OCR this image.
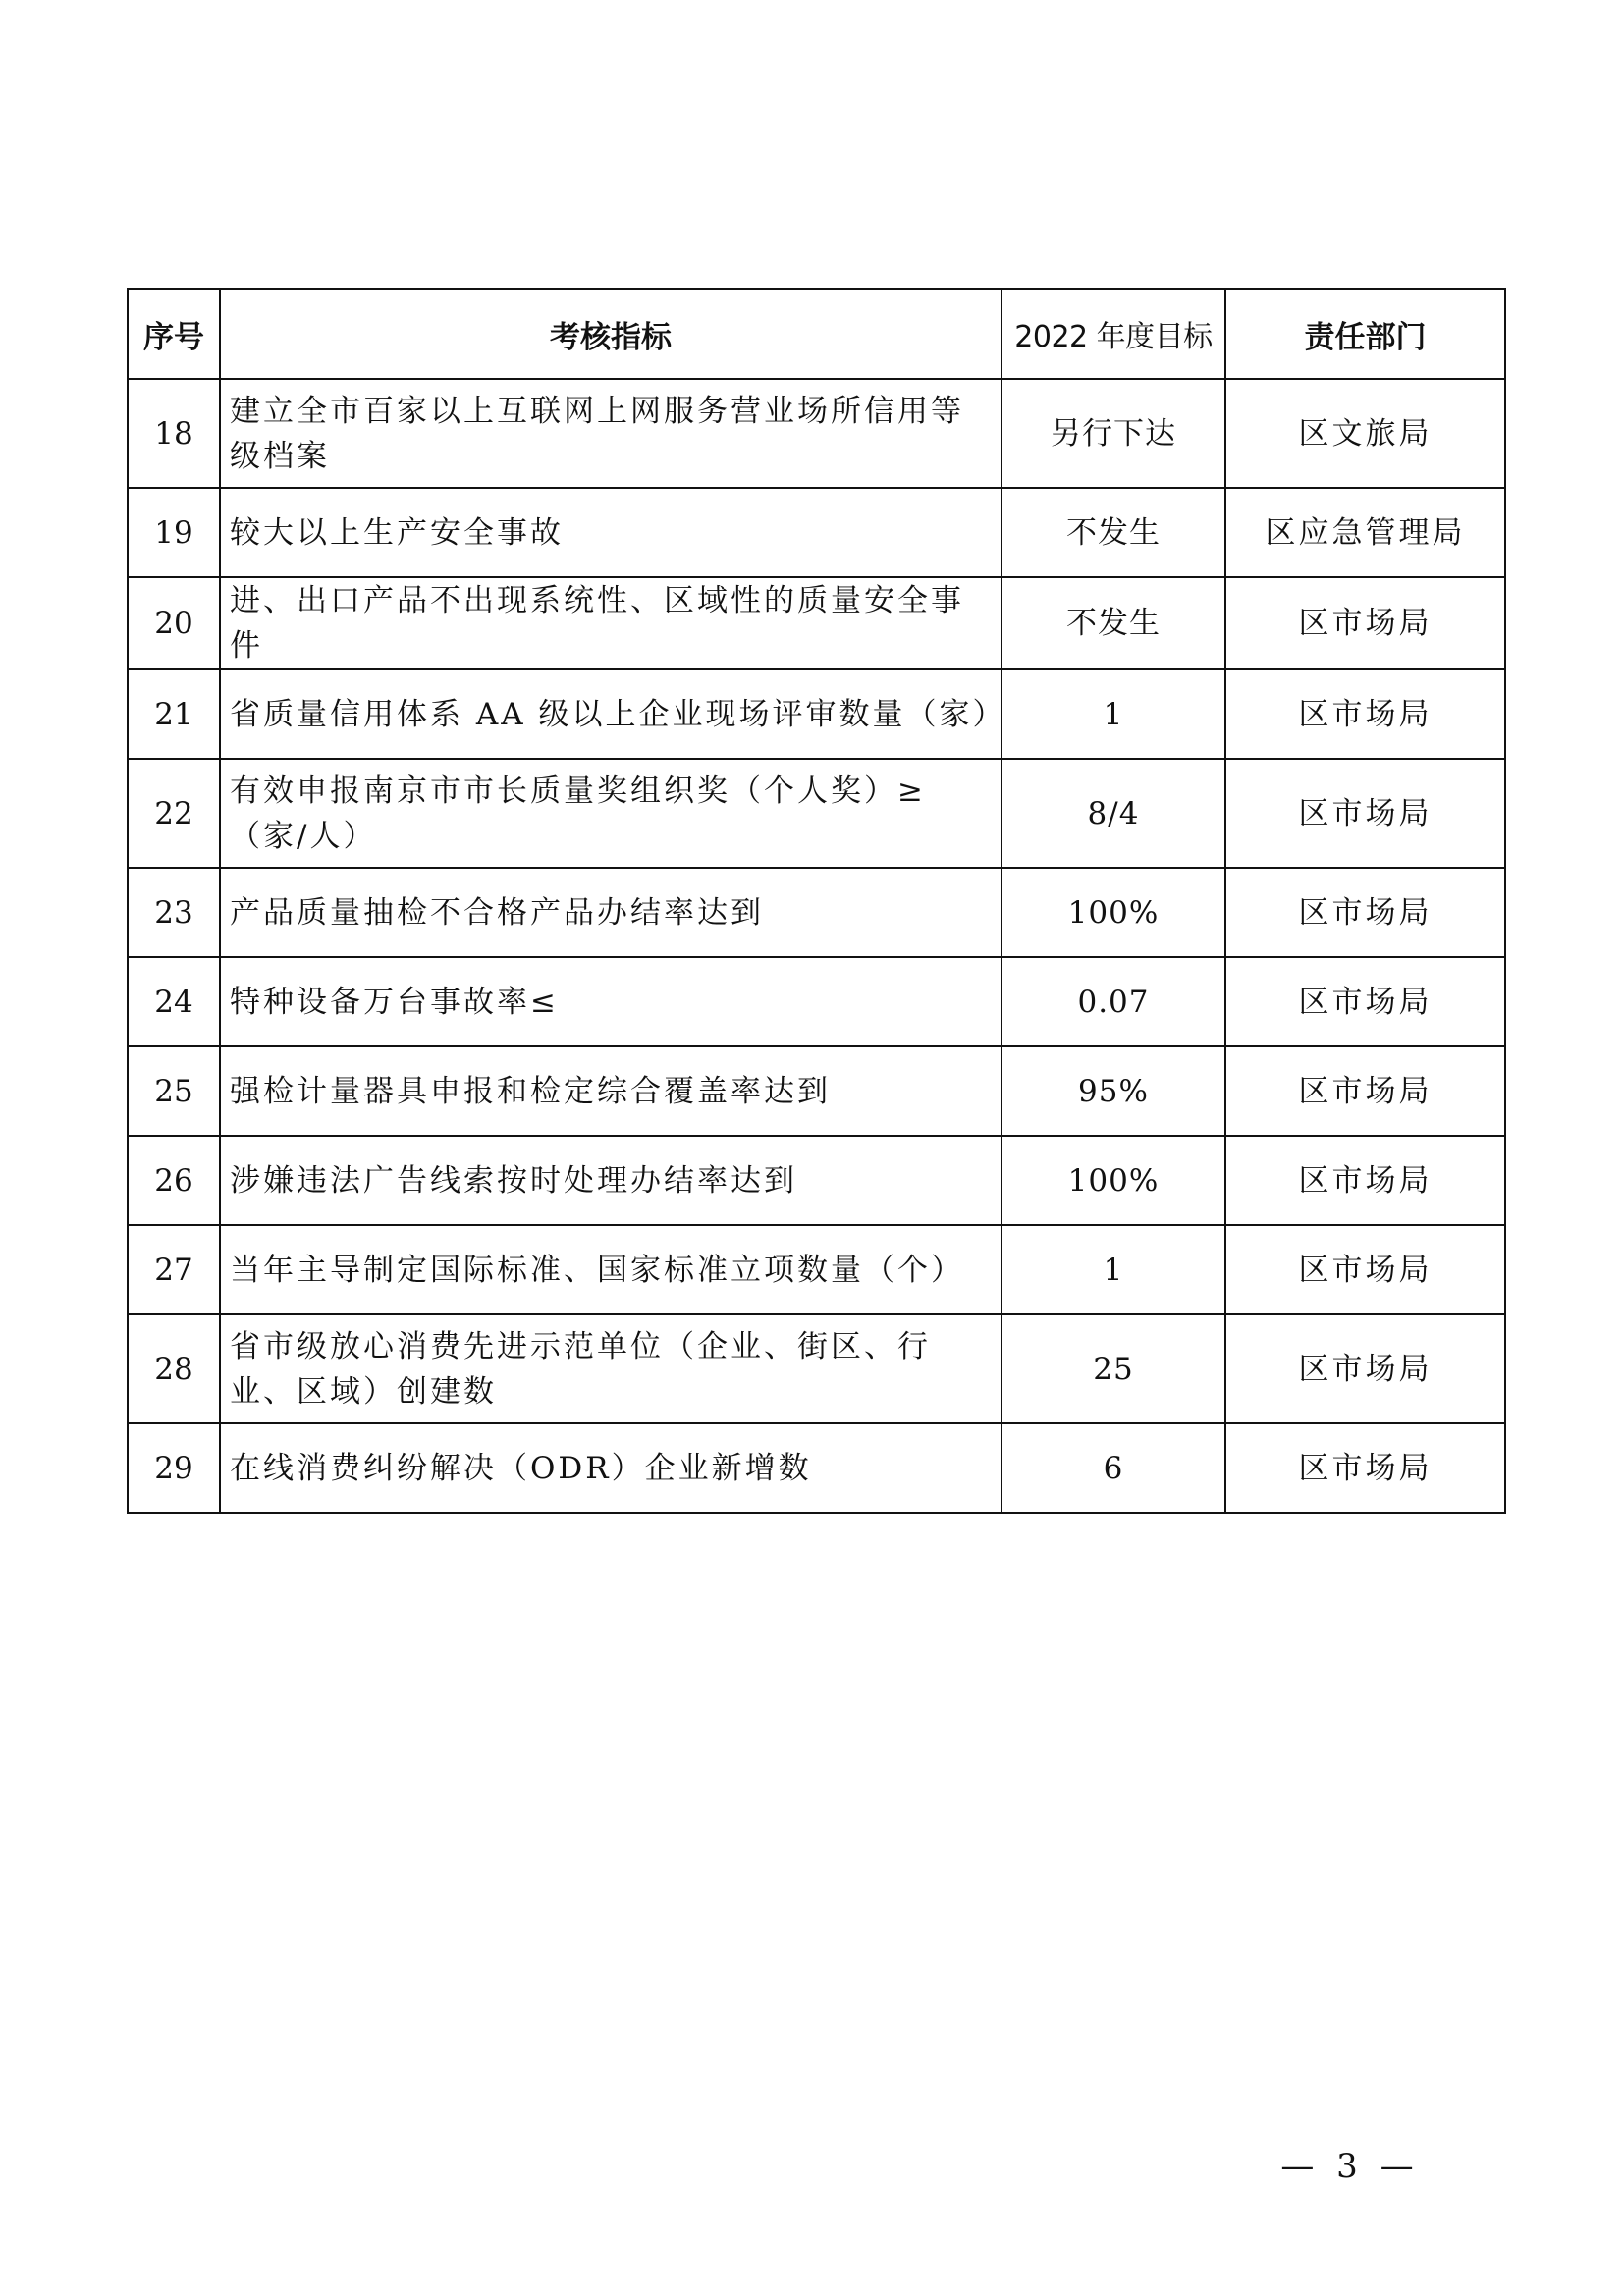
序号	考核指标	2022 年度目标	责任部门
18	建立全市百家以上互联网上网服务营业场所信用等级档案	另行下达	区文旅局
19	较大以上生产安全事故	不发生	区应急管理局
20	进、出口产品不出现系统性、区域性的质量安全事件	不发生	区市场局
21	省质量信用体系 AA 级以上企业现场评审数量（家）	1	区市场局
22	有效申报南京市市长质量奖组织奖（个人奖）≥（家/人）	8/4	区市场局
23	产品质量抽检不合格产品办结率达到	100%	区市场局
24	特种设备万台事故率≤	0.07	区市场局
25	强检计量器具申报和检定综合覆盖率达到	95%	区市场局
26	涉嫌违法广告线索按时处理办结率达到	100%	区市场局
27	当年主导制定国际标准、国家标准立项数量（个）	1	区市场局
28	省市级放心消费先进示范单位（企业、街区、行业、区域）创建数	25	区市场局
29	在线消费纠纷解决（ODR）企业新增数	6	区市场局
— 3 —
